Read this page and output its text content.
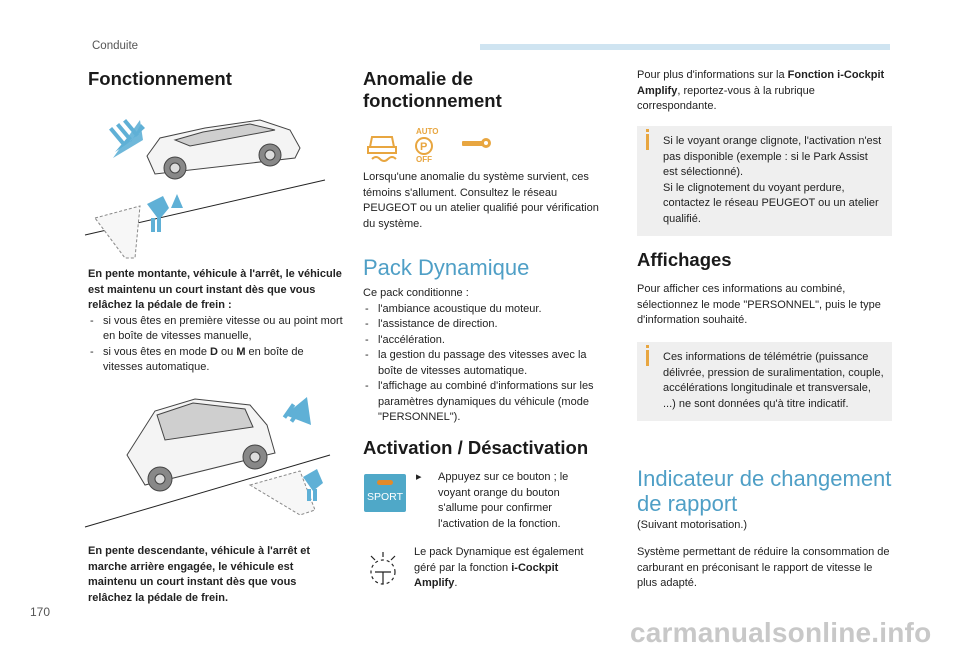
Conduite
170
carmanualsonline.info
Fonctionnement

En pente montante, véhicule à l'arrêt, le véhicule est maintenu un court instant dès que vous relâchez la pédale de frein :

- si vous êtes en première vitesse ou au point mort en boîte de vitesses manuelle,
- si vous êtes en mode D ou M en boîte de vitesses automatique.
En pente descendante, véhicule à l'arrêt et marche arrière engagée, le véhicule est maintenu un court instant dès que vous relâchez la pédale de frein.
Anomalie de fonctionnement
AUTO
P
OFF
Lorsqu'une anomalie du système survient, ces témoins s'allument. Consultez le réseau PEUGEOT ou un atelier qualifié pour vérification du système.
Pack Dynamique

Ce pack conditionne :

- l'ambiance acoustique du moteur.
- l'assistance de direction.
- l'accélération.
- la gestion du passage des vitesses avec la boîte de vitesses automatique.
- l'affichage au combiné d'informations sur les paramètres dynamiques du véhicule (mode "PERSONNEL").
Activation / Désactivation
SPORT
▸	Appuyez sur ce bouton ; le voyant orange du bouton s'allume pour confirmer l'activation de la fonction.
Le pack Dynamique est également géré par la fonction i-Cockpit Amplify.
Pour plus d'informations sur la Fonction i-Cockpit Amplify, reportez-vous à la rubrique correspondante.
Si le voyant orange clignote, l'activation n'est pas disponible (exemple : si le Park Assist est sélectionné).
Si le clignotement du voyant perdure, contactez le réseau PEUGEOT ou un atelier qualifié.
Affichages
Pour afficher ces informations au combiné, sélectionnez le mode "PERSONNEL", puis le type d'information souhaité.
Ces informations de télémétrie (puissance délivrée, pression de suralimentation, couple, accélérations longitudinale et transversale, ...) ne sont données qu'à titre indicatif.
Indicateur de changement de rapport
(Suivant motorisation.)
Système permettant de réduire la consommation de carburant en préconisant le rapport de vitesse le plus adapté.
